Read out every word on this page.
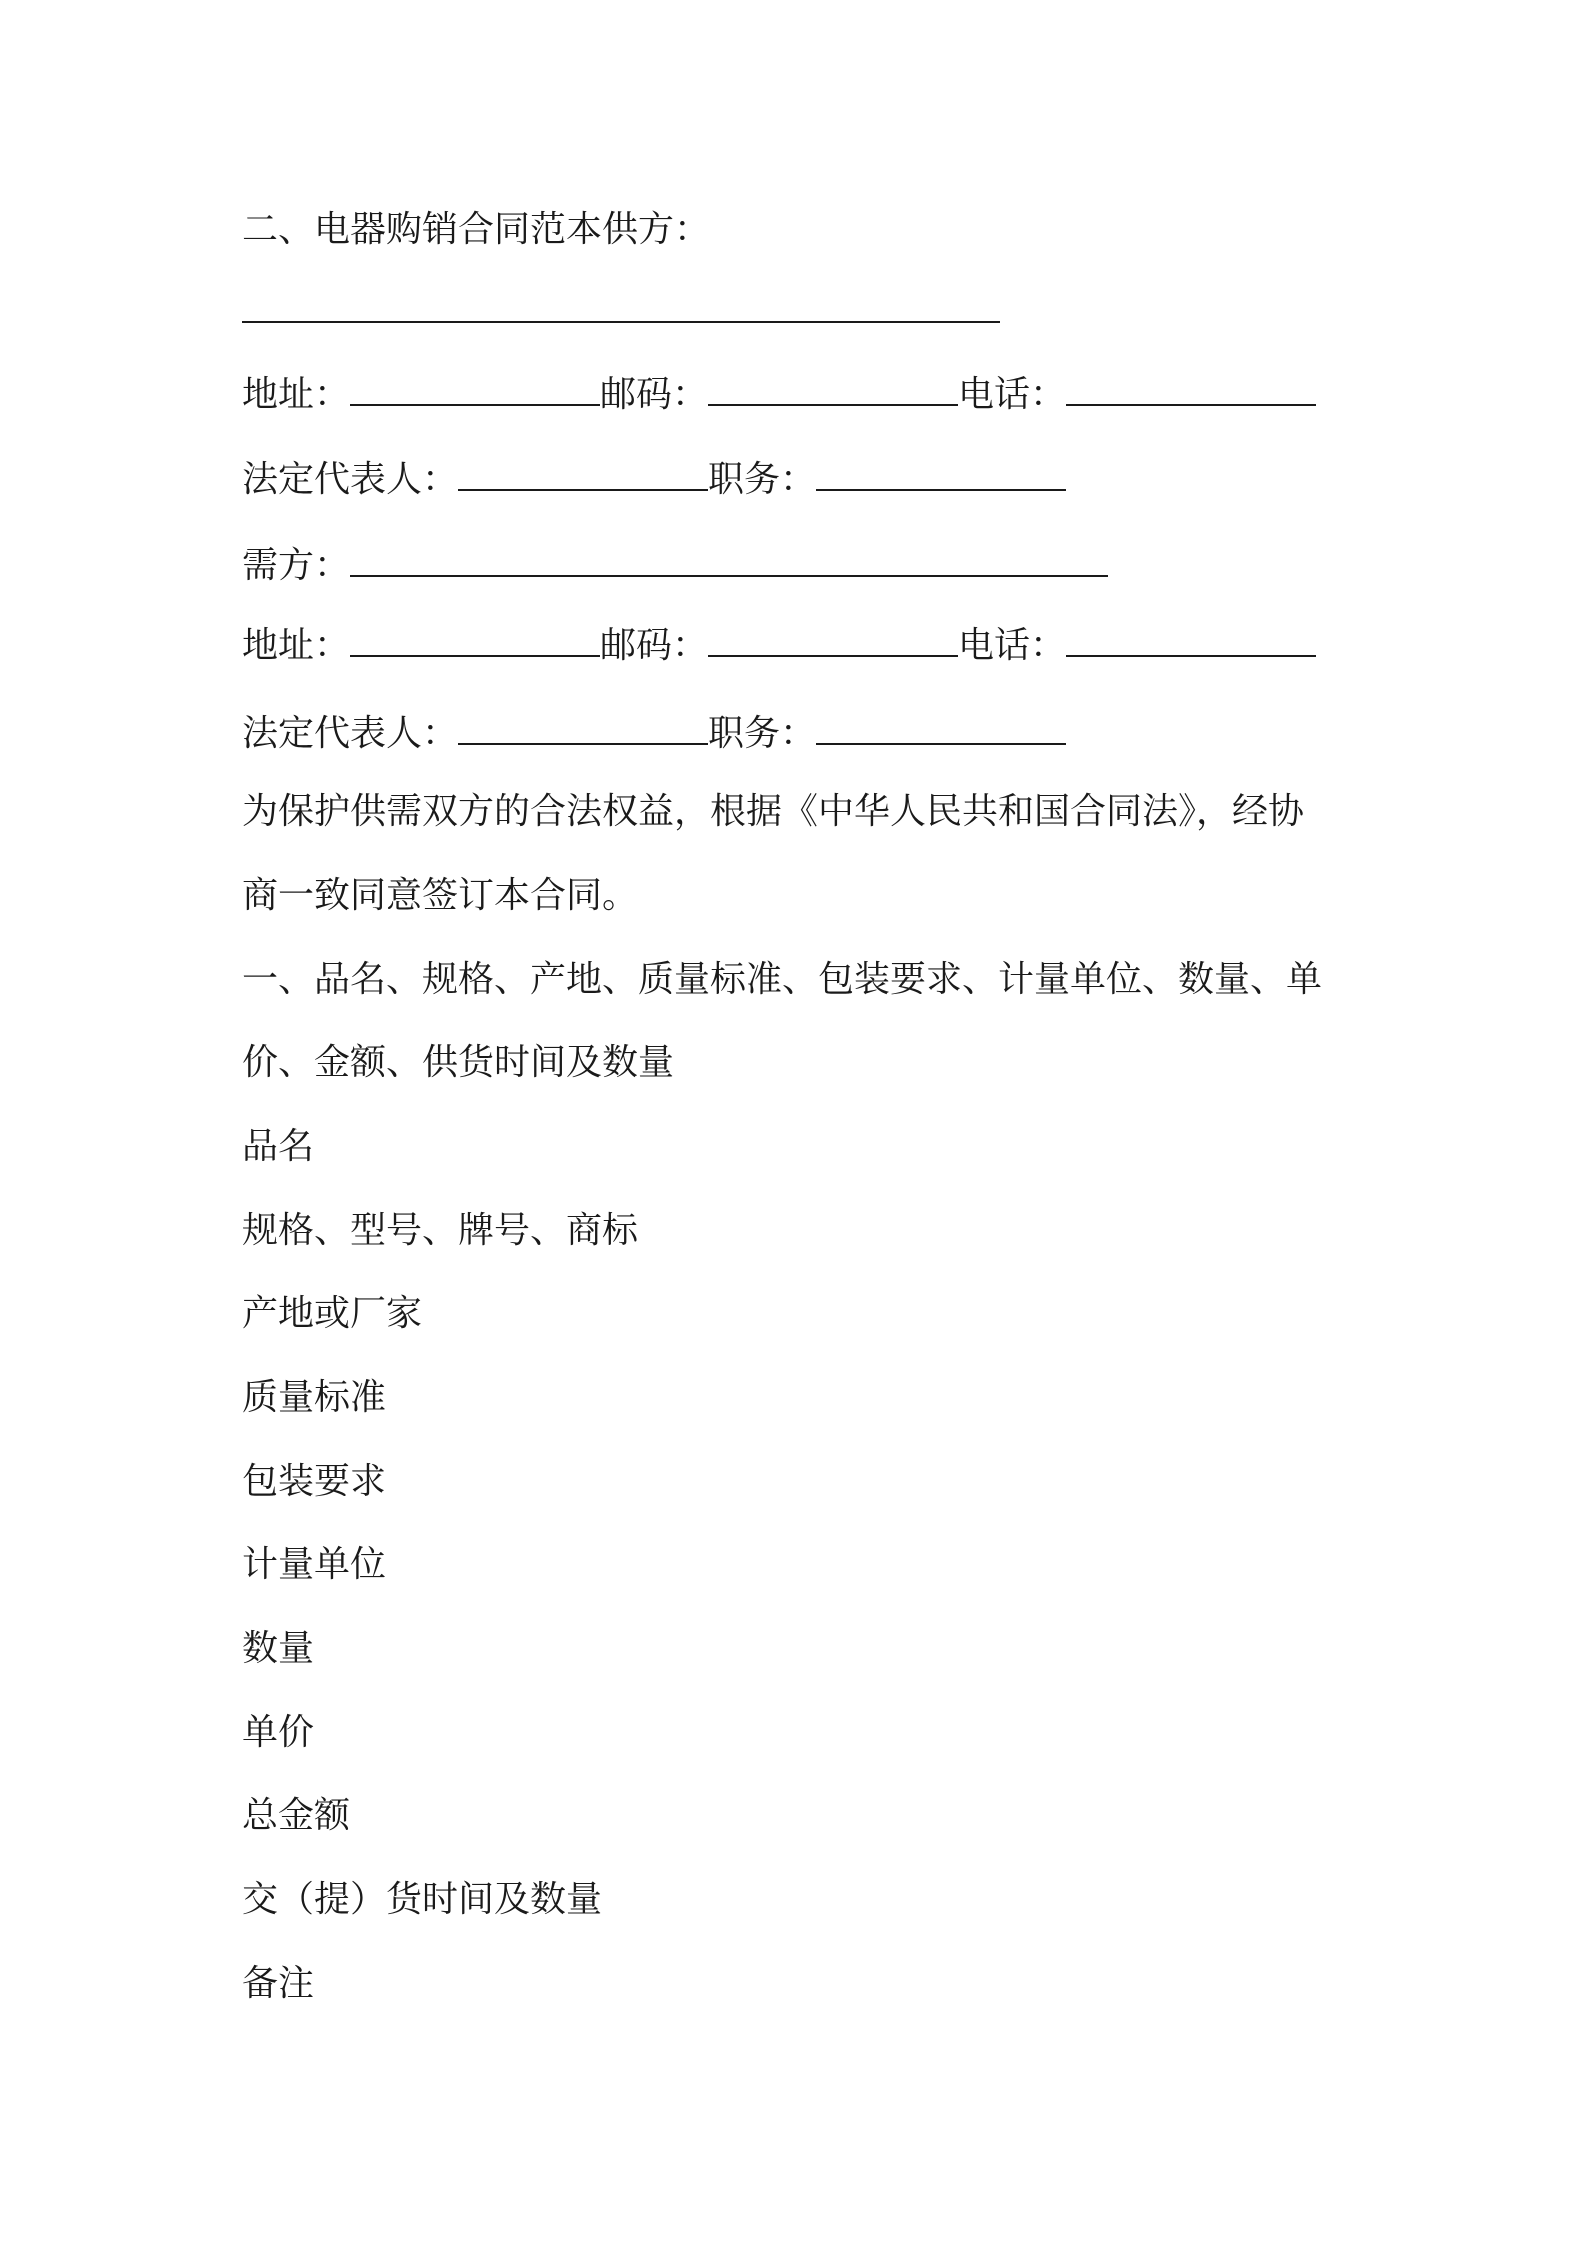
二、电器购销合同范本供方：

地址：	邮码：	电话：

法定代表人：	职务：

需方：

地址：	邮码：	电话：

法定代表人：	职务：

为保护供需双方的合法权益，根据《中华人民共和国合同法》，经协

商一致同意签订本合同。

一、品名、规格、产地、质量标准、包装要求、计量单位、数量、单

价、金额、供货时间及数量

品名

规格、型号、牌号、商标

产地或厂家

质量标准

包装要求

计量单位

数量

单价

总金额

交（提）货时间及数量

备注
